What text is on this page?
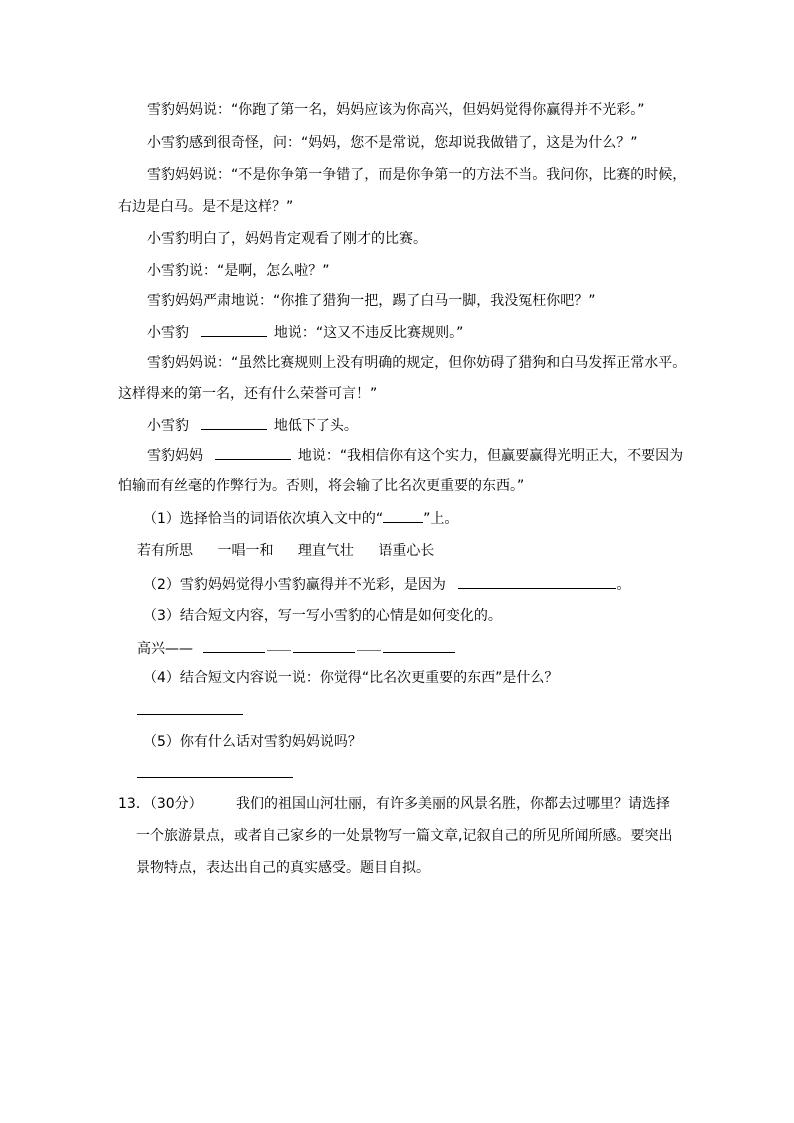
雪豹妈妈说：“你跑了第一名，妈妈应该为你高兴，但妈妈觉得你赢得并不光彩。”
小雪豹感到很奇怪，问：“妈妈，您不是常说，您却说我做错了，这是为什么？”
雪豹妈妈说：“不是你争第一争错了，而是你争第一的方法不当。我问你，比赛的时候，
右边是白马。是不是这样？”
小雪豹明白了，妈妈肯定观看了刚才的比赛。
小雪豹说：“是啊，怎么啦？”
雪豹妈妈严肃地说：“你推了猎狗一把，踢了白马一脚，我没冤枉你吧？”
小雪豹	地说：“这又不违反比赛规则。”
雪豹妈妈说：“虽然比赛规则上没有明确的规定，但你妨碍了猎狗和白马发挥正常水平。
这样得来的第一名，还有什么荣誉可言！”
小雪豹	地低下了头。
雪豹妈妈	地说：“我相信你有这个实力，但赢要赢得光明正大，不要因为
怕输而有丝毫的作弊行为。否则，将会输了比名次更重要的东西。”
（1）选择恰当的词语依次填入文中的“	”上。
若有所思 一唱一和 理直气壮 语重心长
（2）雪豹妈妈觉得小雪豹赢得并不光彩，是因为	。
（3）结合短文内容，写一写小雪豹的心情是如何变化的。
高兴——
（4）结合短文内容说一说：你觉得“比名次更重要的东西”是什么？
（5）你有什么话对雪豹妈妈说吗？
13．（30分） 我们的祖国山河壮丽，有许多美丽的风景名胜，你都去过哪里？请选择
一个旅游景点，或者自己家乡的一处景物写一篇文章,记叙自己的所见所闻所感。要突出
景物特点，表达出自己的真实感受。题目自拟。
